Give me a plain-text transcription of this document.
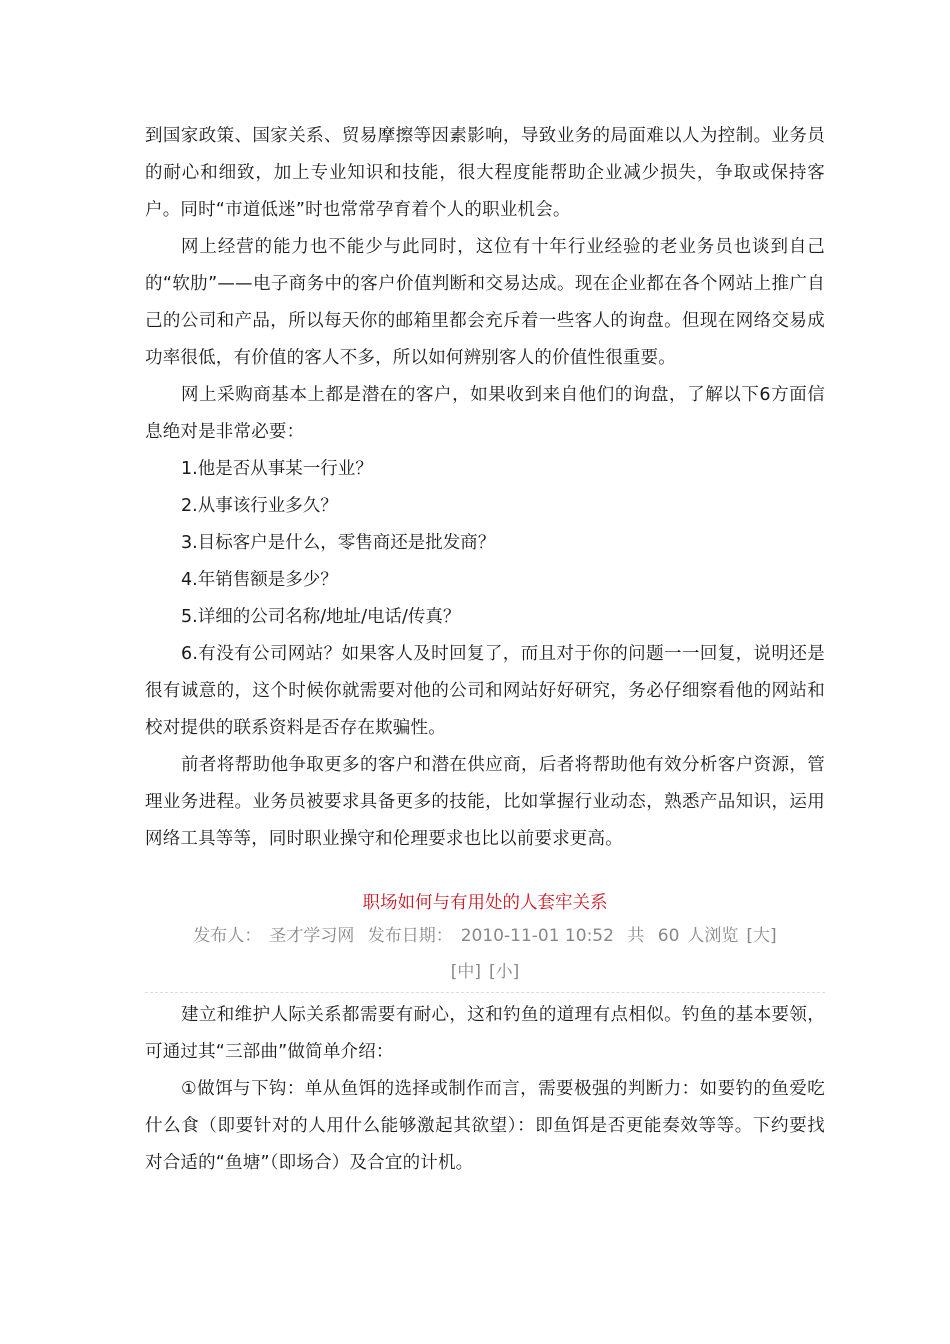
到国家政策、国家关系、贸易摩擦等因素影响，导致业务的局面难以人为控制。业务员的耐心和细致，加上专业知识和技能，很大程度能帮助企业减少损失，争取或保持客户。同时“市道低迷”时也常常孕育着个人的职业机会。

网上经营的能力也不能少与此同时，这位有十年行业经验的老业务员也谈到自己的“软肋”——电子商务中的客户价值判断和交易达成。现在企业都在各个网站上推广自己的公司和产品，所以每天你的邮箱里都会充斥着一些客人的询盘。但现在网络交易成功率很低，有价值的客人不多，所以如何辨别客人的价值性很重要。

网上采购商基本上都是潜在的客户，如果收到来自他们的询盘，了解以下6方面信息绝对是非常必要：

1.他是否从事某一行业？

2.从事该行业多久？

3.目标客户是什么，零售商还是批发商？

4.年销售额是多少？

5.详细的公司名称/地址/电话/传真？

6.有没有公司网站？如果客人及时回复了，而且对于你的问题一一回复，说明还是很有诚意的，这个时候你就需要对他的公司和网站好好研究，务必仔细察看他的网站和校对提供的联系资料是否存在欺骗性。

前者将帮助他争取更多的客户和潜在供应商，后者将帮助他有效分析客户资源，管理业务进程。业务员被要求具备更多的技能，比如掌握行业动态，熟悉产品知识，运用网络工具等等，同时职业操守和伦理要求也比以前要求更高。

职场如何与有用处的人套牢关系

发布人： 圣才学习网 发布日期： 2010-11-01 10:52 共 60 人浏览 [大]
[中] [小]

建立和维护人际关系都需要有耐心，这和钓鱼的道理有点相似。钓鱼的基本要领，可通过其“三部曲”做简单介绍：

①做饵与下钩：单从鱼饵的选择或制作而言，需要极强的判断力：如要钓的鱼爱吃什么食（即要针对的人用什么能够激起其欲望）：即鱼饵是否更能奏效等等。下约要找对合适的“鱼塘”（即场合）及合宜的计机。
